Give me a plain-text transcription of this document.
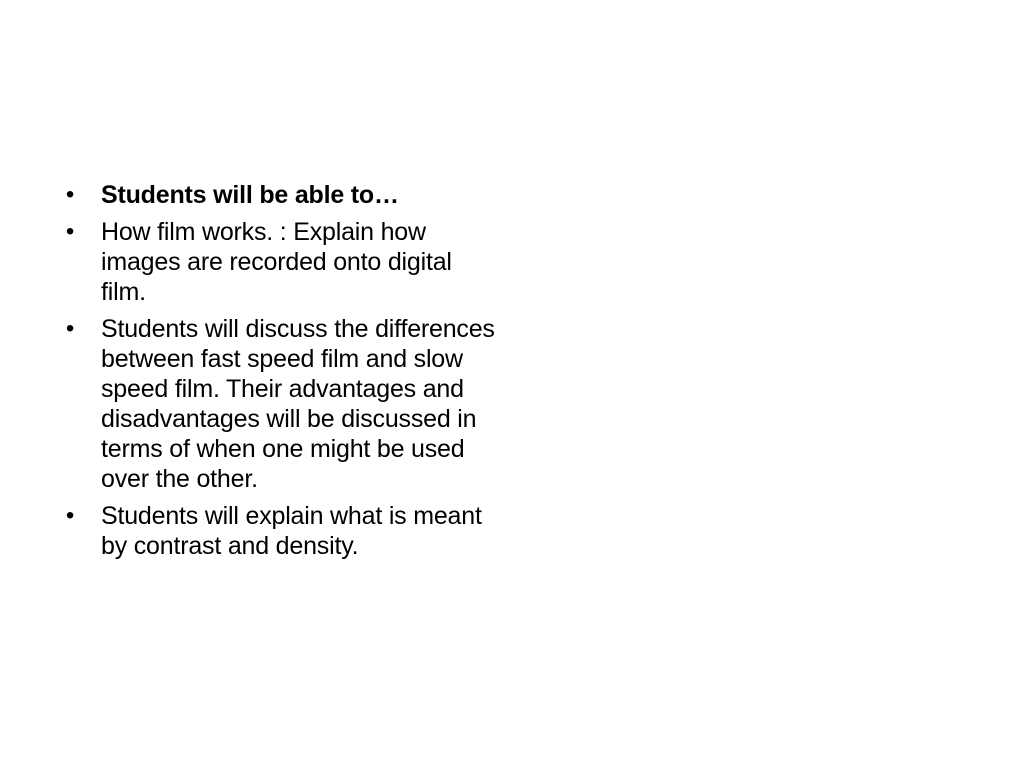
• Students will be able to…
• How film works. : Explain how images are recorded onto digital film.
• Students will discuss the differences between fast speed film and slow speed film. Their advantages and disadvantages will be discussed in terms of when one might be used over the other.
• Students will explain what is meant by contrast and density.
